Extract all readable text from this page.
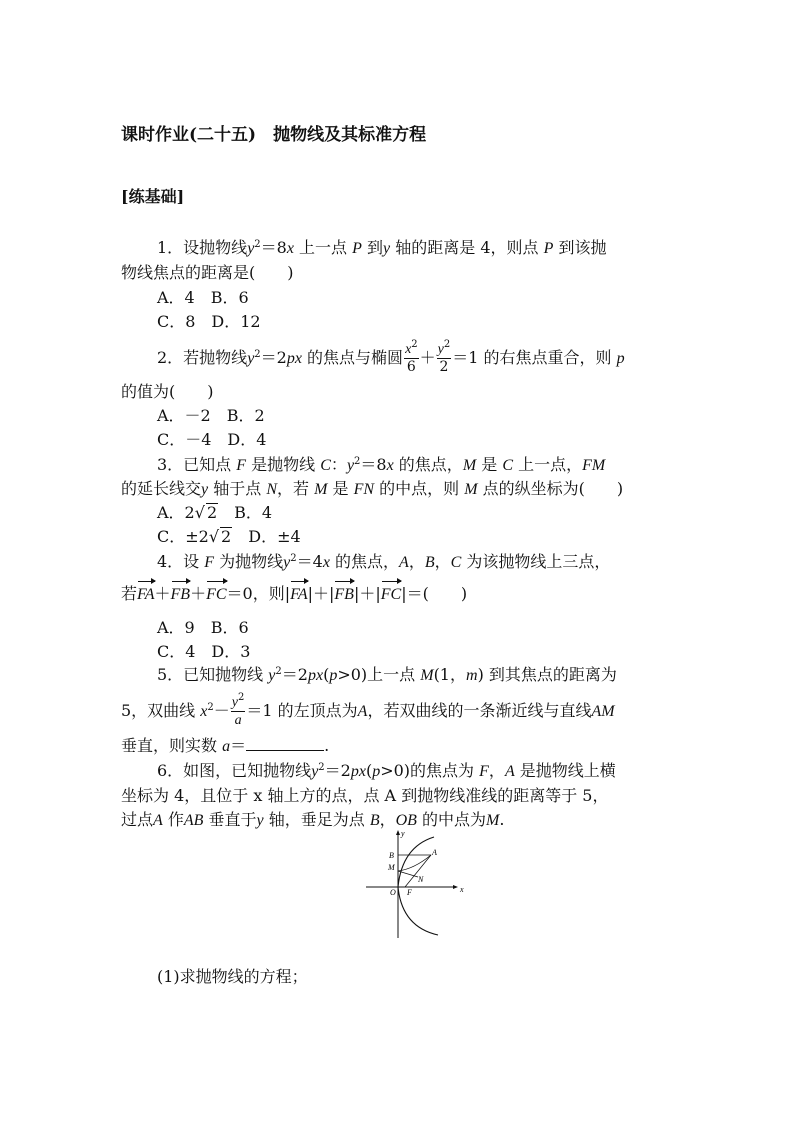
课时作业(二十五)　抛物线及其标准方程
[练基础]
1．设抛物线$y^2=8x$ 上一点 P 到y 轴的距离是 4，则点 P 到该抛
物线焦点的距离是(　　)
A．4　B．6
C．8　D．12
2．若抛物线$y^2=2px$ 的焦点与椭圆 $\frac{x^2}{6} + \frac{y^2}{2} =1$ 的右焦点重合，则 p
的值为(　　)
A．－2　B．2
C．－4　D．4
3．已知点 F 是抛物线 C：$y^2=8x$ 的焦点，M 是 C 上一点，FM
的延长线交y 轴于点 N，若 M 是 FN 的中点，则 M 点的纵坐标为(　　)
A．2√ 2　B．4
C．±2√ 2　D．±4
4．设 F 为抛物线$y^2=4x$ 的焦点，A，B，C 为该抛物线上三点，
若FA＋FB＋FC＝0，则|FA|＋|FB|＋|FC|＝(　　)
A．9　B．6
C．4　D．3
5．已知抛物线 $y^2=2px(p>0)$上一点 M(1，m) 到其焦点的距离为
5，双曲线 $x^2- \frac{y^2}{a}=1$ 的左顶点为A，若双曲线的一条渐近线与直线AM
垂直，则实数 a＝	.
6．如图，已知抛物线$y^2=2px(p>0)$的焦点为 F，A 是抛物线上横
坐标为 4，且位于 x 轴上方的点，点 A 到抛物线准线的距离等于 5，
过点A 作AB 垂直于y 轴，垂足为点 B，OB 的中点为M.
y
x
B	A
M
N
O F
(1)求抛物线的方程；
